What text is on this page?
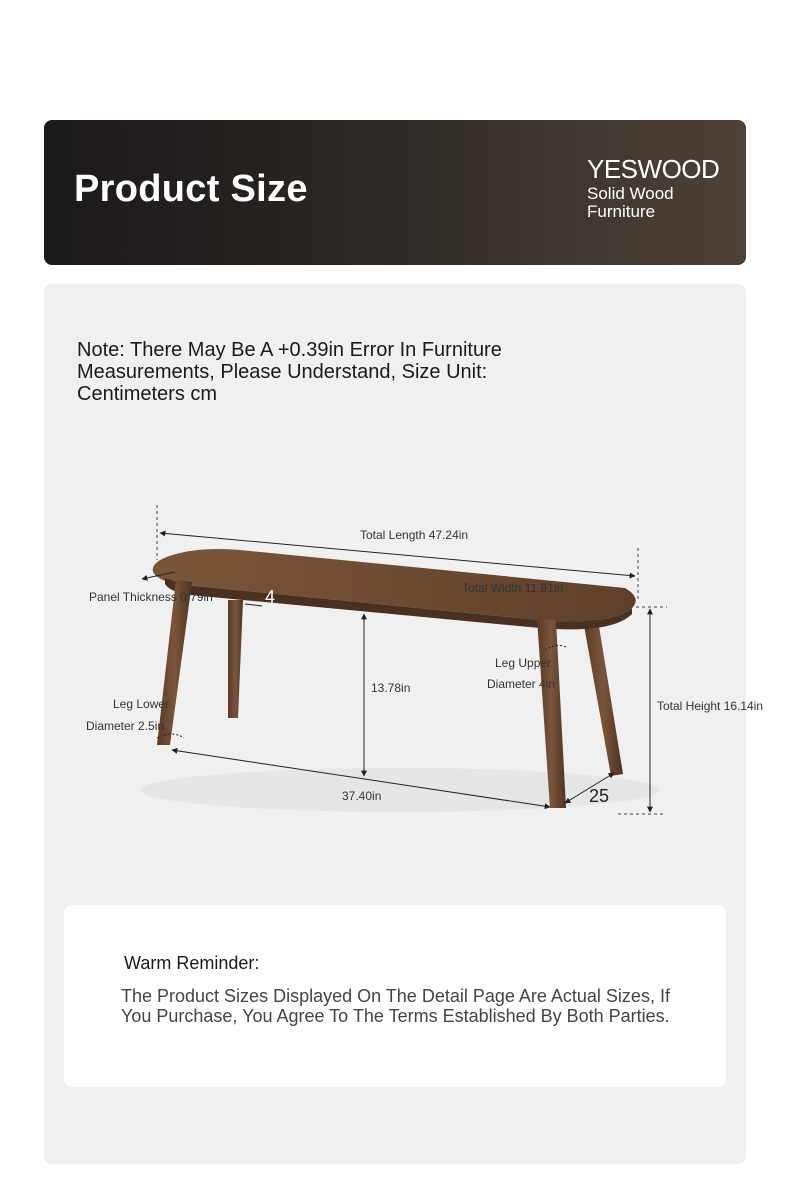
Product Size	YESWOOD
Solid Wood
Furniture
Note: There May Be A +0.39in Error In Furniture Measurements, Please Understand, Size Unit: Centimeters cm
Total Length 47.24in
Total Width 11.81in
Panel Thickness 0.79in	4
13.78in
Leg Upper
Diameter 4in
Leg Lower
Diameter 2.5in
Total Height 16.14in
37.40in	25
Warm Reminder:
The Product Sizes Displayed On The Detail Page Are Actual Sizes, If You Purchase, You Agree To The Terms Established By Both Parties.
